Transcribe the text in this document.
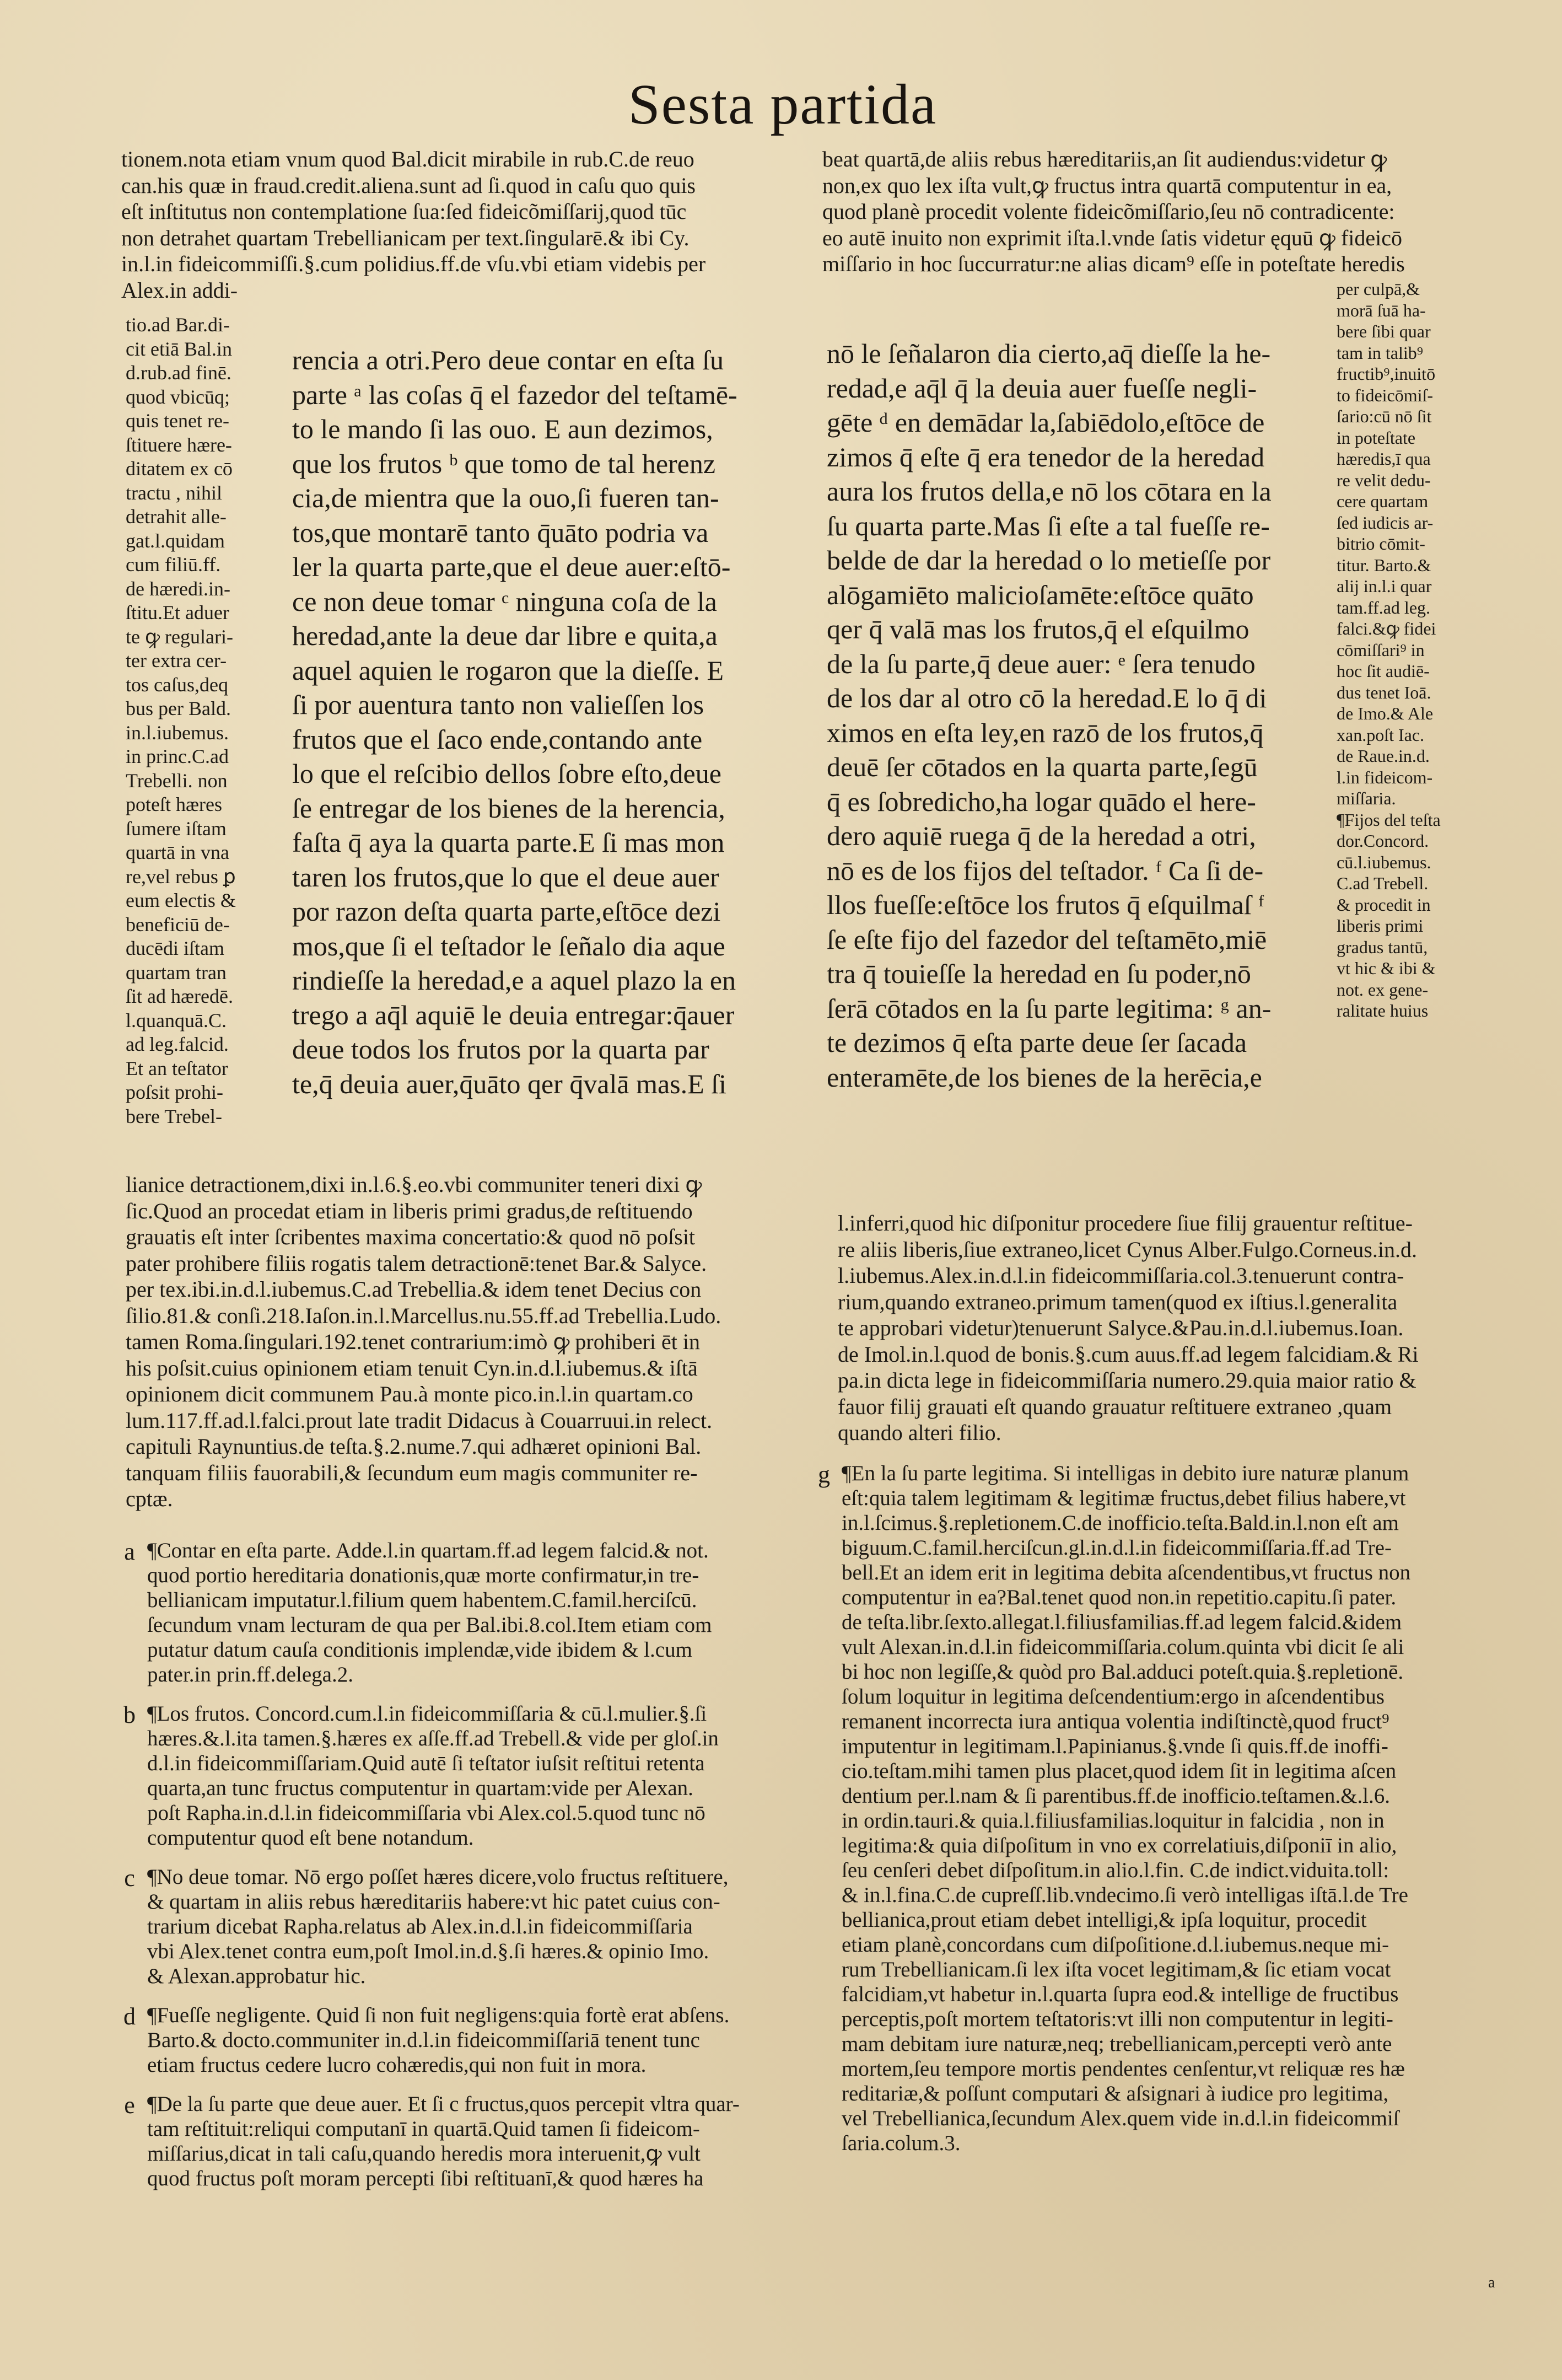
Sesta partida
tionem.nota etiam vnum quod Bal.dicit mirabile in rub.C.de reuo
can.his quæ in fraud.credit.aliena.sunt ad ſi.quod in caſu quo quis
eſt inſtitutus non contemplatione ſua:ſed fideicõmiſſarij,quod tūc
non detrahet quartam Trebellianicam per text.ſingularē.& ibi Cy.
in.l.in fideicommiſſi.§.cum polidius.ff.de vſu.vbi etiam videbis per
Alex.in addi-
tio.ad Bar.di-
cit etiā Bal.in
d.rub.ad finē.
quod vbicūq;
quis tenet re-
ſtituere hære-
ditatem ex cō
tractu , nihil
detrahit alle-
gat.l.quidam
cum filiū.ff.
de hæredi.in-
ſtitu.Et aduer
te ꝙ regulari-
ter extra cer-
tos caſus,deq
bus per Bald.
in.l.iubemus.
in princ.C.ad
Trebelli. non
poteſt hæres
ſumere iſtam
quartā in vna
re,vel rebus ꝑ
eum electis &
beneficiū de-
ducēdi iſtam
quartam tran
ſit ad hæredē.
l.quanquā.C.
ad leg.falcid.
Et an teſtator
poſsit prohi-
bere Trebel-
rencia a otri.Pero deue contar en eſta ſu
parte ᵃ las coſas q̄ el fazedor del teſtamē-
to le mando ſi las ouo. E aun dezimos,
que los frutos ᵇ que tomo de tal herenz
cia,de mientra que la ouo,ſi fueren tan-
tos,que montarē tanto q̄uāto podria va
ler la quarta parte,que el deue auer:eſtō-
ce non deue tomar ᶜ ninguna coſa de la
heredad,ante la deue dar libre e quita,a
aquel aquien le rogaron que la dieſſe. E
ſi por auentura tanto non valieſſen los
frutos que el ſaco ende,contando ante
lo que el reſcibio dellos ſobre eſto,deue
ſe entregar de los bienes de la herencia,
faſta q̄ aya la quarta parte.E ſi mas mon
taren los frutos,que lo que el deue auer
por razon deſta quarta parte,eſtōce dezi
mos,que ſi el teſtador le ſeñalo dia aque
rindieſſe la heredad,e a aquel plazo la en
trego a aq̄l aquiē le deuia entregar:q̄auer
deue todos los frutos por la quarta par
te,q̄ deuia auer,q̄uāto qer q̄valā mas.E ſi
beat quartā,de aliis rebus hæreditariis,an ſit audiendus:videtur ꝙ
non,ex quo lex iſta vult,ꝙ fructus intra quartā computentur in ea,
quod planè procedit volente fideicõmiſſario,ſeu nō contradicente:
eo autē inuito non exprimit iſta.l.vnde ſatis videtur ęquū ꝙ fideicō
miſſario in hoc ſuccurratur:ne alias dicam⁹ eſſe in poteſtate heredis
nō le ſeñalaron dia cierto,aq̄ dieſſe la he-
redad,e aq̄l q̄ la deuia auer fueſſe negli-
gēte ᵈ en demādar la,ſabiēdolo,eſtōce de
zimos q̄ eſte q̄ era tenedor de la heredad
aura los frutos della,e nō los cōtara en la
ſu quarta parte.Mas ſi eſte a tal fueſſe re-
belde de dar la heredad o lo metieſſe por
alōgamiēto malicioſamēte:eſtōce quāto
qer q̄ valā mas los frutos,q̄ el eſquilmo
de la ſu parte,q̄ deue auer: ᵉ ſera tenudo
de los dar al otro cō la heredad.E lo q̄ di
ximos en eſta ley,en razō de los frutos,q̄
deuē ſer cōtados en la quarta parte,ſegū
q̄ es ſobredicho,ha logar quādo el here-
dero aquiē ruega q̄ de la heredad a otri,
nō es de los fijos del teſtador. ᶠ Ca ſi de-
llos fueſſe:eſtōce los frutos q̄ eſquilmaſ ᶠ
ſe eſte fijo del fazedor del teſtamēto,miē
tra q̄ touieſſe la heredad en ſu poder,nō
ſerā cōtados en la ſu parte legitima: ᵍ an-
te dezimos q̄ eſta parte deue ſer ſacada
enteramēte,de los bienes de la herēcia,e
per culpā,&
morā ſuā ha-
bere ſibi quar
tam in talib⁹
fructib⁹,inuitō
to fideicōmiſ-
ſario:cū nō ſit
in poteſtate
hæredis,ī qua
re velit dedu-
cere quartam
ſed iudicis ar-
bitrio cōmit-
titur. Barto.&
alij in.l.i quar
tam.ff.ad leg.
falci.&ꝙ fidei
cōmiſſari⁹ in
hoc ſit audiē-
dus tenet Ioā.
de Imo.& Ale
xan.poſt Iac.
de Raue.in.d.
l.in fideicom-
miſſaria.
¶Fijos del teſta
dor.Concord.
cū.l.iubemus.
C.ad Trebell.
& procedit in
liberis primi
gradus tantū,
vt hic & ibi &
not. ex gene-
ralitate huius
lianice detractionem,dixi in.l.6.§.eo.vbi communiter teneri dixi ꝙ
ſic.Quod an procedat etiam in liberis primi gradus,de reſtituendo
grauatis eſt inter ſcribentes maxima concertatio:& quod nō poſsit
pater prohibere filiis rogatis talem detractionē:tenet Bar.& Salyce.
per tex.ibi.in.d.l.iubemus.C.ad Trebellia.& idem tenet Decius con
ſilio.81.& conſi.218.Iaſon.in.l.Marcellus.nu.55.ff.ad Trebellia.Ludo.
tamen Roma.ſingulari.192.tenet contrarium:imò ꝙ prohiberi ēt in
his poſsit.cuius opinionem etiam tenuit Cyn.in.d.l.iubemus.& iſtā
opinionem dicit communem Pau.à monte pico.in.l.in quartam.co
lum.117.ff.ad.l.falci.prout late tradit Didacus à Couarruui.in relect.
capituli Raynuntius.de teſta.§.2.nume.7.qui adhæret opinioni Bal.
tanquam filiis fauorabili,& ſecundum eum magis communiter re-
cptæ.
a ¶Contar en eſta parte. Adde.l.in quartam.ff.ad legem falcid.& not.
quod portio hereditaria donationis,quæ morte confirmatur,in tre-
bellianicam imputatur.l.filium quem habentem.C.famil.herciſcū.
ſecundum vnam lecturam de qua per Bal.ibi.8.col.Item etiam com
putatur datum cauſa conditionis implendæ,vide ibidem & l.cum
pater.in prin.ff.delega.2.
b ¶Los frutos. Concord.cum.l.in fideicommiſſaria & cū.l.mulier.§.ſi
hæres.&.l.ita tamen.§.hæres ex aſſe.ff.ad Trebell.& vide per gloſ.in
d.l.in fideicommiſſariam.Quid autē ſi teſtator iuſsit reſtitui retenta
quarta,an tunc fructus computentur in quartam:vide per Alexan.
poſt Rapha.in.d.l.in fideicommiſſaria vbi Alex.col.5.quod tunc nō
computentur quod eſt bene notandum.
c ¶No deue tomar. Nō ergo poſſet hæres dicere,volo fructus reſtituere,
& quartam in aliis rebus hæreditariis habere:vt hic patet cuius con-
trarium dicebat Rapha.relatus ab Alex.in.d.l.in fideicommiſſaria
vbi Alex.tenet contra eum,poſt Imol.in.d.§.ſi hæres.& opinio Imo.
& Alexan.approbatur hic.
d ¶Fueſſe negligente. Quid ſi non fuit negligens:quia fortè erat abſens.
Barto.& docto.communiter in.d.l.in fideicommiſſariā tenent tunc
etiam fructus cedere lucro cohæredis,qui non fuit in mora.
e ¶De la ſu parte que deue auer. Et ſi c fructus,quos percepit vltra quar-
tam reſtituit:reliqui computanī in quartā.Quid tamen ſi fideicom-
miſſarius,dicat in tali caſu,quando heredis mora interuenit,ꝙ vult
quod fructus poſt moram percepti ſibi reſtituanī,& quod hæres ha
l.inferri,quod hic diſponitur procedere ſiue filij grauentur reſtitue-
re aliis liberis,ſiue extraneo,licet Cynus Alber.Fulgo.Corneus.in.d.
l.iubemus.Alex.in.d.l.in fideicommiſſaria.col.3.tenuerunt contra-
rium,quando extraneo.primum tamen(quod ex iſtius.l.generalita
te approbari videtur)tenuerunt Salyce.&Pau.in.d.l.iubemus.Ioan.
de Imol.in.l.quod de bonis.§.cum auus.ff.ad legem falcidiam.& Ri
pa.in dicta lege in fideicommiſſaria numero.29.quia maior ratio &
fauor filij grauati eſt quando grauatur reſtituere extraneo ,quam
quando alteri filio.
g ¶En la ſu parte legitima. Si intelligas in debito iure naturæ planum
eſt:quia talem legitimam & legitimæ fructus,debet filius habere,vt
in.l.ſcimus.§.repletionem.C.de inofficio.teſta.Bald.in.l.non eſt am
biguum.C.famil.herciſcun.gl.in.d.l.in fideicommiſſaria.ff.ad Tre-
bell.Et an idem erit in legitima debita aſcendentibus,vt fructus non
computentur in ea?Bal.tenet quod non.in repetitio.capitu.ſi pater.
de teſta.libr.ſexto.allegat.l.filiusfamilias.ff.ad legem falcid.&idem
vult Alexan.in.d.l.in fideicommiſſaria.colum.quinta vbi dicit ſe ali
bi hoc non legiſſe,& quòd pro Bal.adduci poteſt.quia.§.repletionē.
ſolum loquitur in legitima deſcendentium:ergo in aſcendentibus
remanent incorrecta iura antiqua volentia indiſtinctè,quod fruct⁹
imputentur in legitimam.l.Papinianus.§.vnde ſi quis.ff.de inoffi-
cio.teſtam.mihi tamen plus placet,quod idem ſit in legitima aſcen
dentium per.l.nam & ſi parentibus.ff.de inofficio.teſtamen.&.l.6.
in ordin.tauri.& quia.l.filiusfamilias.loquitur in falcidia , non in
legitima:& quia diſpoſitum in vno ex correlatiuis,diſponiī in alio,
ſeu cenſeri debet diſpoſitum.in alio.l.fin. C.de indict.viduita.toll:
& in.l.fina.C.de cupreſſ.lib.vndecimo.ſi verò intelligas iſtā.l.de Tre
bellianica,prout etiam debet intelligi,& ipſa loquitur, procedit
etiam planè,concordans cum diſpoſitione.d.l.iubemus.neque mi-
rum Trebellianicam.ſi lex iſta vocet legitimam,& ſic etiam vocat
falcidiam,vt habetur in.l.quarta ſupra eod.& intellige de fructibus
perceptis,poſt mortem teſtatoris:vt illi non computentur in legiti-
mam debitam iure naturæ,neq; trebellianicam,percepti verò ante
mortem,ſeu tempore mortis pendentes cenſentur,vt reliquæ res hæ
reditariæ,& poſſunt computari & aſsignari à iudice pro legitima,
vel Trebellianica,ſecundum Alex.quem vide in.d.l.in fideicommiſ
ſaria.colum.3.
a
